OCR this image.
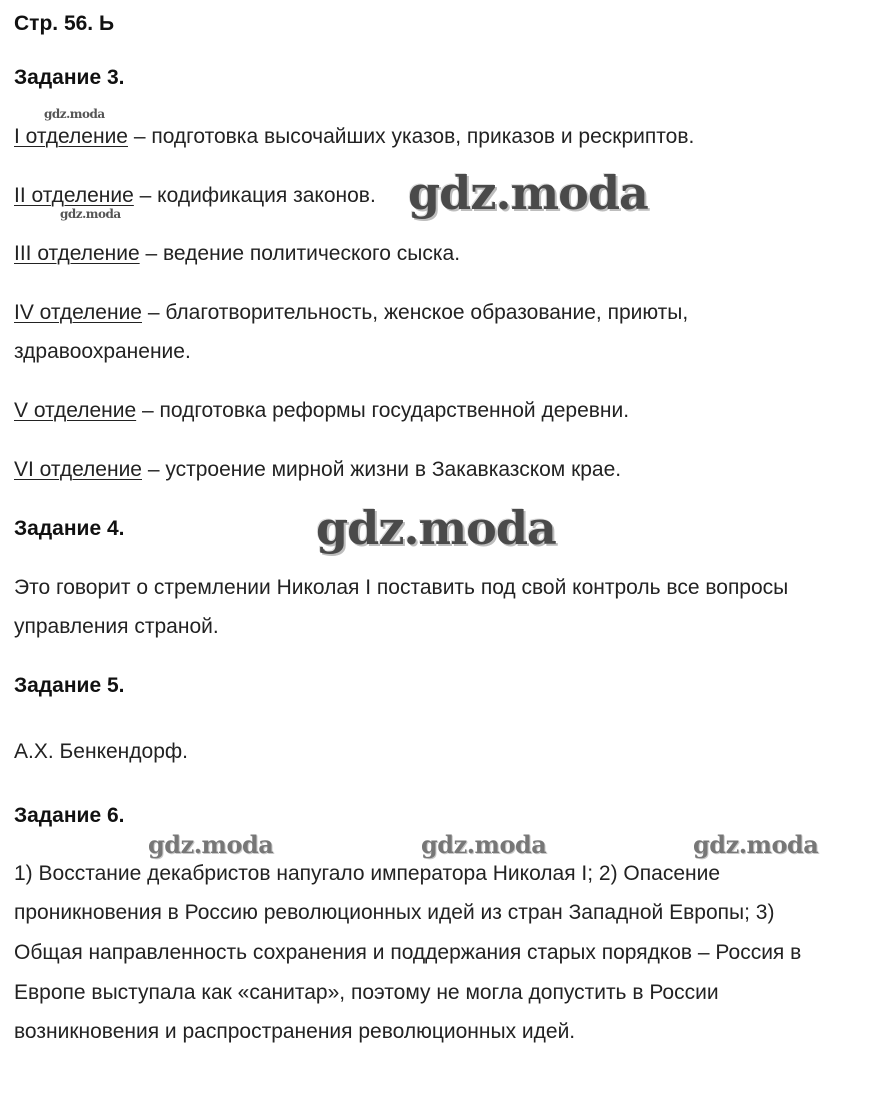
Стр. 56. Ь
Задание 3.
gdz.moda
I отделение – подготовка высочайших указов, приказов и рескриптов.
II отделение – кодификация законов. gdz.moda
gdz.moda
III отделение – ведение политического сыска.
IV отделение – благотворительность, женское образование, приюты,
здравоохранение.
V отделение – подготовка реформы государственной деревни.
VI отделение – устроение мирной жизни в Закавказском крае.
Задание 4.	gdz.moda
Это говорит о стремлении Николая I поставить под свой контроль все вопросы
управления страной.
Задание 5.
А.Х. Бенкендорф.
Задание 6.
gdz.moda	gdz.moda	gdz.moda
1) Восстание декабристов напугало императора Николая I; 2) Опасение
проникновения в Россию революционных идей из стран Западной Европы; 3)
Общая направленность сохранения и поддержания старых порядков – Россия в
Европе выступала как «санитар», поэтому не могла допустить в России
возникновения и распространения революционных идей.
